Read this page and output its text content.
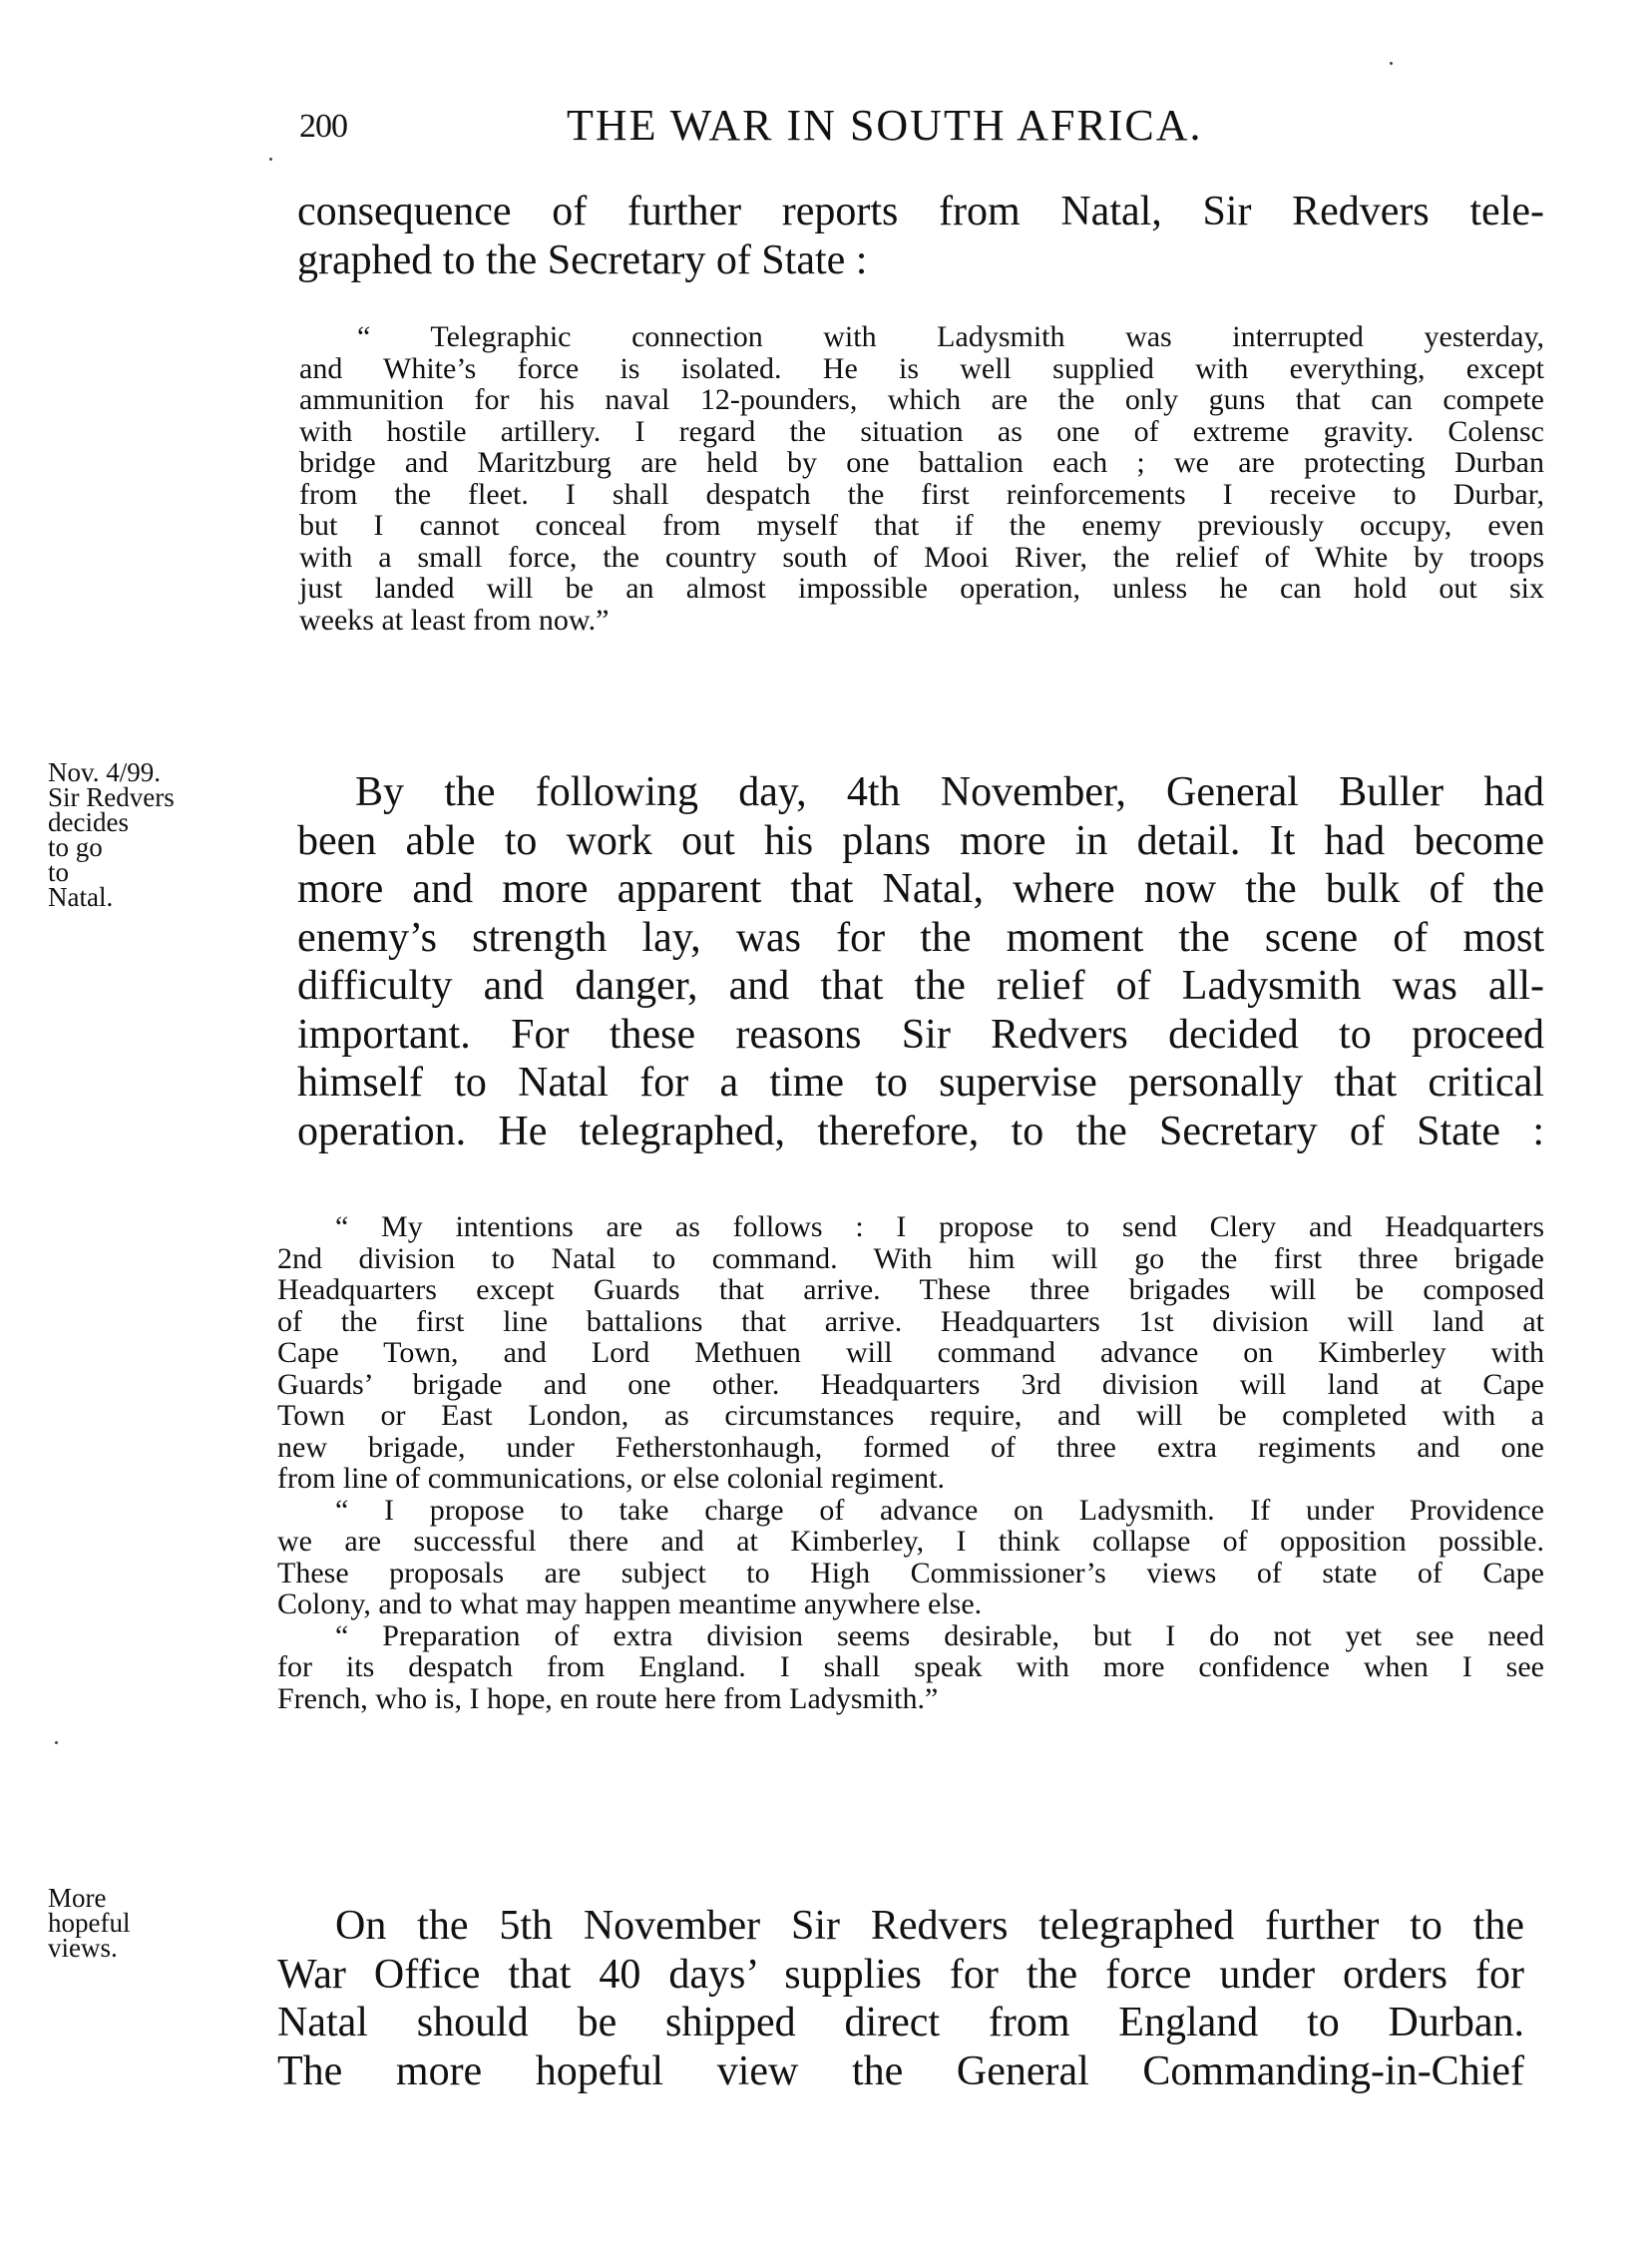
200	THE WAR IN SOUTH AFRICA.

consequence of further reports from Natal, Sir Redvers tele-
graphed to the Secretary of State :

“ Telegraphic connection with Ladysmith was interrupted yesterday,
and White’s force is isolated. He is well supplied with everything, except
ammunition for his naval 12-pounders, which are the only guns that can compete
with hostile artillery. I regard the situation as one of extreme gravity. Colensc
bridge and Maritzburg are held by one battalion each ; we are protecting Durban
from the fleet. I shall despatch the first reinforcements I receive to Durbar,
but I cannot conceal from myself that if the enemy previously occupy, even
with a small force, the country south of Mooi River, the relief of White by troops
just landed will be an almost impossible operation, unless he can hold out six
weeks at least from now.”

Nov. 4/99.
Sir Redvers
decides
to go
to
Natal.

By the following day, 4th November, General Buller had
been able to work out his plans more in detail. It had become
more and more apparent that Natal, where now the bulk of the
enemy’s strength lay, was for the moment the scene of most
difficulty and danger, and that the relief of Ladysmith was all-
important. For these reasons Sir Redvers decided to proceed
himself to Natal for a time to supervise personally that critical
operation. He telegraphed, therefore, to the Secretary of State :

“ My intentions are as follows : I propose to send Clery and Headquarters
2nd division to Natal to command. With him will go the first three brigade
Headquarters except Guards that arrive. These three brigades will be composed
of the first line battalions that arrive. Headquarters 1st division will land at
Cape Town, and Lord Methuen will command advance on Kimberley with
Guards’ brigade and one other. Headquarters 3rd division will land at Cape
Town or East London, as circumstances require, and will be completed with a
new brigade, under Fetherstonhaugh, formed of three extra regiments and one
from line of communications, or else colonial regiment.

“ I propose to take charge of advance on Ladysmith. If under Providence
we are successful there and at Kimberley, I think collapse of opposition possible.
These proposals are subject to High Commissioner’s views of state of Cape
Colony, and to what may happen meantime anywhere else.

“ Preparation of extra division seems desirable, but I do not yet see need
for its despatch from England. I shall speak with more confidence when I see
French, who is, I hope, en route here from Ladysmith.”

More
hopeful
views.	On the 5th November Sir Redvers telegraphed further to the
War Office that 40 days’ supplies for the force under orders for
Natal should be shipped direct from England to Durban.
The more hopeful view the General Commanding-in-Chief
